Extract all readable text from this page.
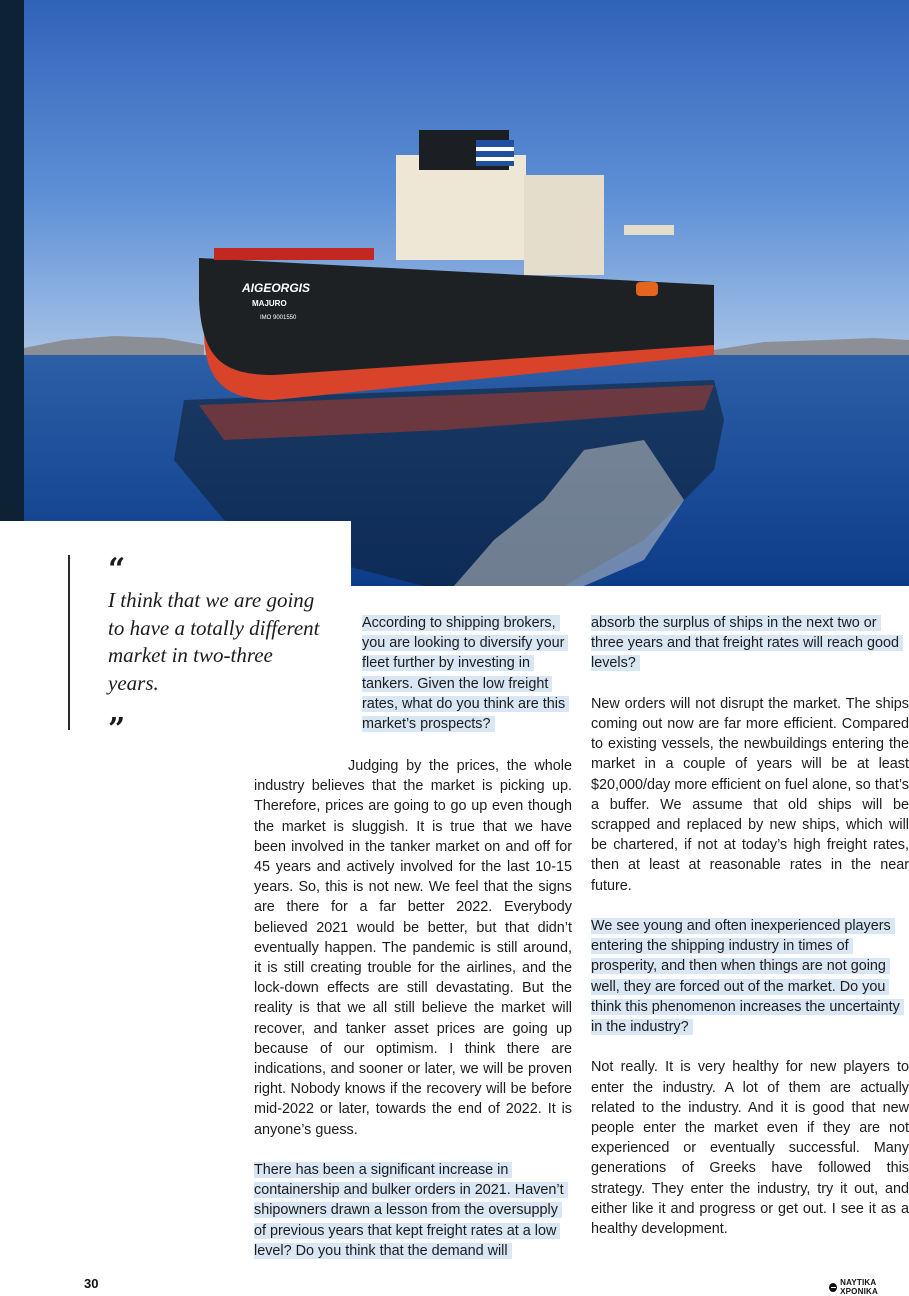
AIGEORGIS
MAJURO
IMO 9001550
“

I think that we are going to have a totally different market in two-three years.

”

According to shipping brokers, you are looking to diversify your fleet further by investing in tankers. Given the low freight rates, what do you think are this market’s prospects?

Judging by the prices, the whole industry believes that the market is picking up. Therefore, prices are going to go up even though the market is sluggish. It is true that we have been involved in the tanker market on and off for 45 years and actively involved for the last 10-15 years. So, this is not new. We feel that the signs are there for a far better 2022. Everybody believed 2021 would be better, but that didn’t eventually happen. The pandemic is still around, it is still creating trouble for the airlines, and the lock-down effects are still devastating. But the reality is that we all still believe the market will recover, and tanker asset prices are going up because of our optimism. I think there are indications, and sooner or later, we will be proven right. Nobody knows if the recovery will be before mid-2022 or later, towards the end of 2022. It is anyone’s guess.

There has been a significant increase in containership and bulker orders in 2021. Haven’t shipowners drawn a lesson from the oversupply of previous years that kept freight rates at a low level? Do you think that the demand will

absorb the surplus of ships in the next two or three years and that freight rates will reach good levels?

New orders will not disrupt the market. The ships coming out now are far more efficient. Compared to existing vessels, the newbuildings entering the market in a couple of years will be at least $20,000/day more efficient on fuel alone, so that’s a buffer. We assume that old ships will be scrapped and replaced by new ships, which will be chartered, if not at today’s high freight rates, then at least at reasonable rates in the near future.

We see young and often inexperienced players entering the shipping industry in times of prosperity, and then when things are not going well, they are forced out of the market. Do you think this phenomenon increases the uncertainty in the industry?

Not really. It is very healthy for new players to enter the industry. A lot of them are actually related to the industry. And it is good that new people enter the market even if they are not experienced or eventually successful. Many generations of Greeks have followed this strategy. They enter the industry, try it out, and either like it and progress or get out. I see it as a healthy development.

30	ΝΑΥΤΙΚΑ ΧΡΟΝΙΚΑ
